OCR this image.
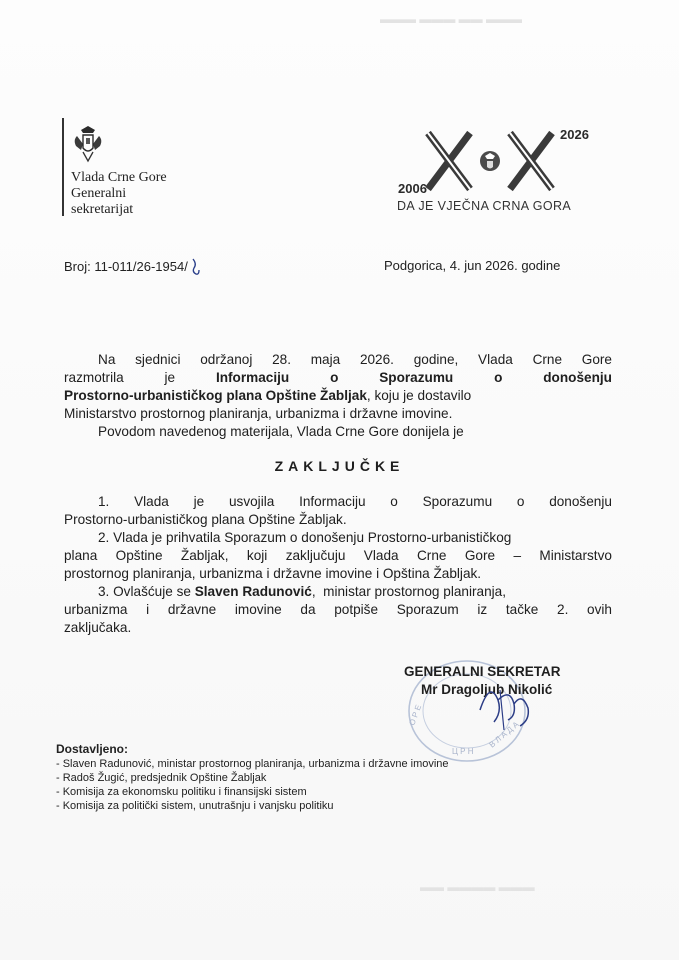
▬▬▬ ▬▬▬ ▬▬ ▬▬▬
▬▬ ▬▬▬▬ ▬▬▬
Vlada Crne Gore
Generalni
sekretarijat
2026
2006
DA JE VJEČNA CRNA GORA
Broj: 11-011/26-1954/	Podgorica, 4. jun 2026. godine
Na sjednici održanoj 28. maja 2026. godine, Vlada Crne Gore
razmotrila	je	Informaciju	o	Sporazumu	o	donošenju
Prostorno-urbanističkog plana Opštine Žabljak, koju je dostavilo
Ministarstvo prostornog planiranja, urbanizma i državne imovine.
Povodom navedenog materijala, Vlada Crne Gore donijela je
ZAKLJUČKE
1. Vlada je usvojila Informaciju o Sporazumu o donošenju
Prostorno-urbanističkog plana Opštine Žabljak.
2. Vlada je prihvatila Sporazum o donošenju Prostorno-urbanističkog
plana Opštine Žabljak, koji zaključuju Vlada Crne Gore – Ministarstvo
prostornog planiranja, urbanizma i državne imovine i Opština Žabljak.
3. Ovlašćuje se Slaven Radunović,  ministar prostornog planiranja,
urbanizma i državne imovine da potpiše Sporazum iz tačke 2. ovih
zaključaka.
О Р Е
В Л А Д А
Ц Р Н
GENERALNI SEKRETAR
Mr Dragoljub Nikolić
Dostavljeno:
- Slaven Radunović, ministar prostornog planiranja, urbanizma i državne imovine
- Radoš Žugić, predsjednik Opštine Žabljak
- Komisija za ekonomsku politiku i finansijski sistem
- Komisija za politički sistem, unutrašnju i vanjsku politiku
